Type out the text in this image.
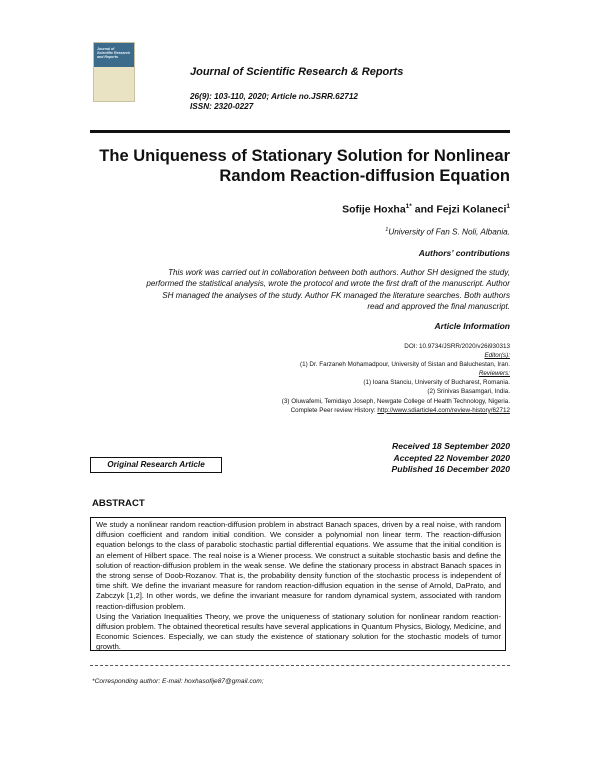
Journal of
Scientific Research
and Reports
Journal of Scientific Research & Reports
26(9): 103-110, 2020; Article no.JSRR.62712
ISSN: 2320-0227
The Uniqueness of Stationary Solution for Nonlinear
Random Reaction-diffusion Equation
Sofije Hoxha$^{1*}$ and Fejzi Kolaneci$^1$
$^1$University of Fan S. Noli, Albania.
Authors’ contributions
This work was carried out in collaboration between both authors. Author SH designed the study,
performed the statistical analysis, wrote the protocol and wrote the first draft of the manuscript. Author
SH managed the analyses of the study. Author FK managed the literature searches. Both authors
read and approved the final manuscript.
Article Information
DOI: 10.9734/JSRR/2020/v26i930313
Editor(s):
(1) Dr. Farzaneh Mohamadpour, University of Sistan and Baluchestan, Iran.
Reviewers:
(1) Ioana Stanciu, University of Bucharest, Romania.
(2) Srinivas Basamgari, India.
(3) Oluwafemi, Temidayo Joseph, Newgate College of Health Technology, Nigeria.
Complete Peer review History: http://www.sdiarticle4.com/review-history/62712
Received 18 September 2020
Accepted 22 November 2020
Published 16 December 2020
Original Research Article
ABSTRACT

We study a nonlinear random reaction-diffusion problem in abstract Banach spaces, driven by a real noise, with random diffusion coefficient and random initial condition. We consider a polynomial non linear term. The reaction-diffusion equation belongs to the class of parabolic stochastic partial differential equations. We assume that the initial condition is an element of Hilbert space. The real noise is a Wiener process. We construct a suitable stochastic basis and define the solution of reaction-diffusion problem in the weak sense. We define the stationary process in abstract Banach spaces in the strong sense of Doob-Rozanov. That is, the probability density function of the stochastic process is independent of time shift. We define the invariant measure for random reaction-diffusion equation in the sense of Arnold, DaPrato, and Zabczyk [1,2]. In other words, we define the invariant measure for random dynamical system, associated with random reaction-diffusion problem.

Using the Variation Inequalities Theory, we prove the uniqueness of stationary solution for nonlinear random reaction-diffusion problem. The obtained theoretical results have several applications in Quantum Physics, Biology, Medicine, and Economic Sciences. Especially, we can study the existence of stationary solution for the stochastic models of tumor growth.

*Corresponding author: E-mail: hoxhasofije87@gmail.com;
